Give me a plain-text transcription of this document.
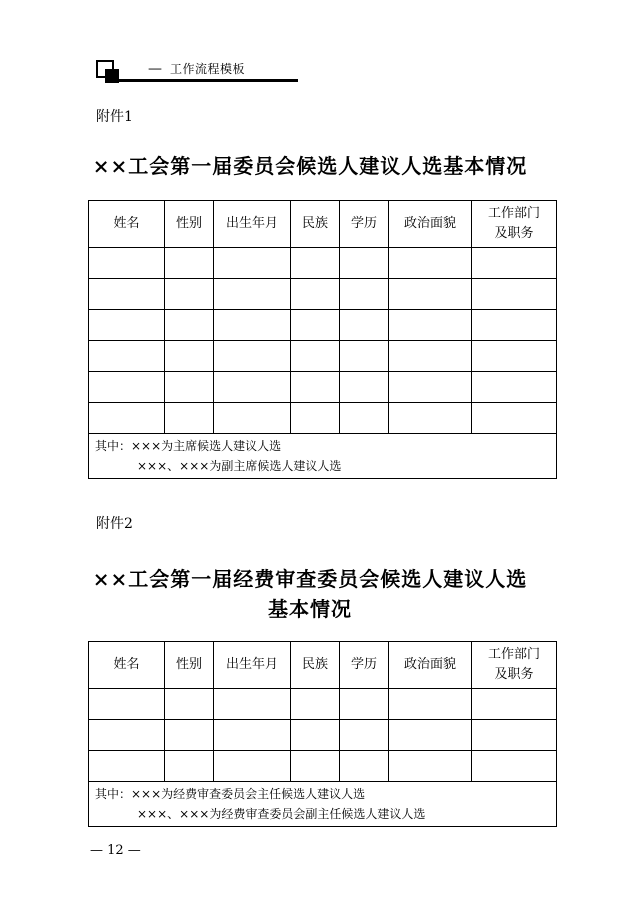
— 工作流程模板
附件1
××工会第一届委员会候选人建议人选基本情况
姓名	性别	出生年月	民族	学历	政治面貌	工作部门
及职务

其中：×××为主席候选人建议人选
×××、×××为副主席候选人建议人选						
附件2
××工会第一届经费审查委员会候选人建议人选
基本情况
姓名	性别	出生年月	民族	学历	政治面貌	工作部门
及职务

其中：×××为经费审查委员会主任候选人建议人选
×××、×××为经费审查委员会副主任候选人建议人选						
— 12 —
